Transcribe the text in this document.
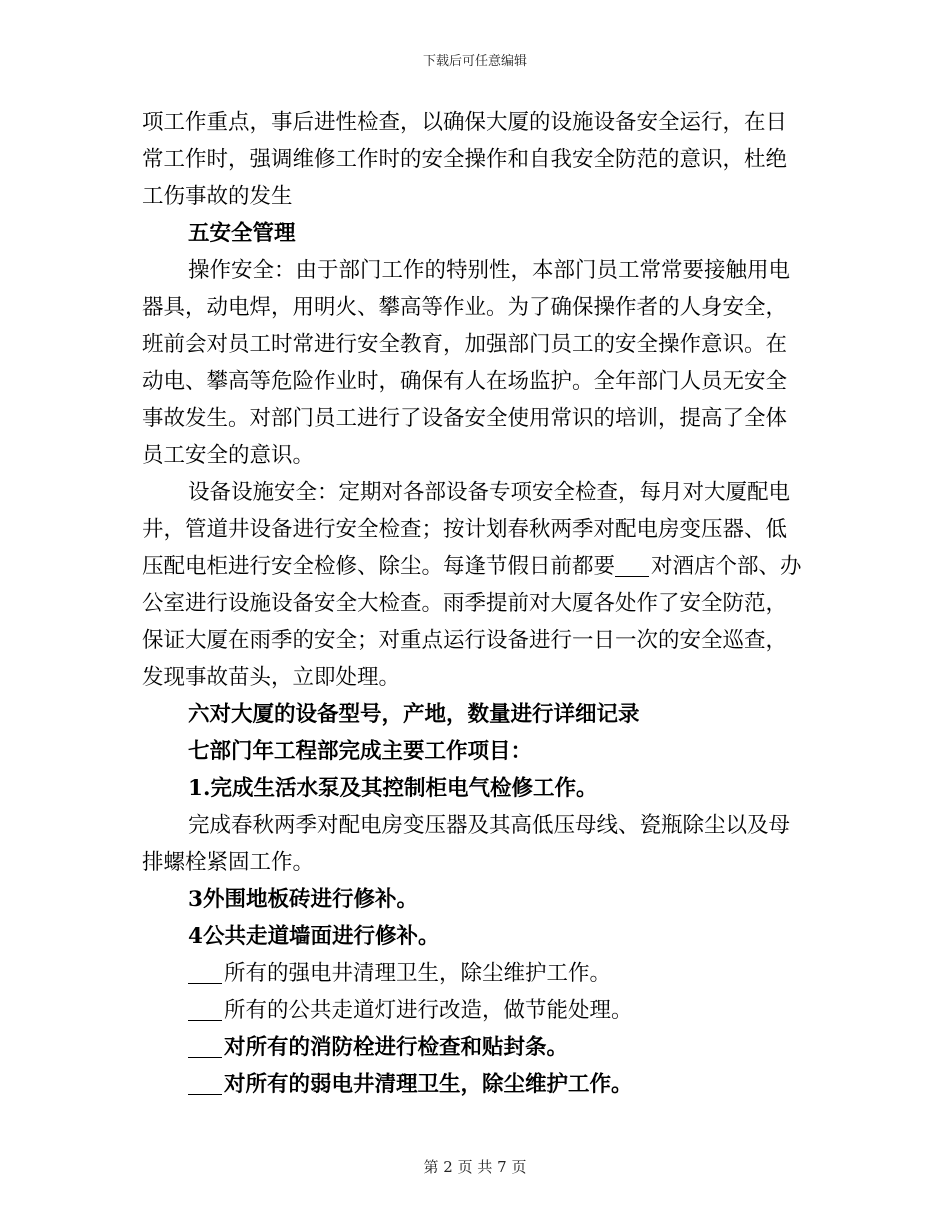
下载后可任意编辑
项工作重点，事后进性检查，以确保大厦的设施设备安全运行，在日
常工作时，强调维修工作时的安全操作和自我安全防范的意识，杜绝
工伤事故的发生
五安全管理
操作安全：由于部门工作的特别性，本部门员工常常要接触用电
器具，动电焊，用明火、攀高等作业。为了确保操作者的人身安全，
班前会对员工时常进行安全教育，加强部门员工的安全操作意识。在
动电、攀高等危险作业时，确保有人在场监护。全年部门人员无安全
事故发生。对部门员工进行了设备安全使用常识的培训，提高了全体
员工安全的意识。
设备设施安全：定期对各部设备专项安全检查，每月对大厦配电
井，管道井设备进行安全检查；按计划春秋两季对配电房变压器、低
压配电柜进行安全检修、除尘。每逢节假日前都要 对酒店个部、办
公室进行设施设备安全大检查。雨季提前对大厦各处作了安全防范，
保证大厦在雨季的安全；对重点运行设备进行一日一次的安全巡查，
发现事故苗头，立即处理。
六对大厦的设备型号，产地，数量进行详细记录
七部门年工程部完成主要工作项目：
1.完成生活水泵及其控制柜电气检修工作。
完成春秋两季对配电房变压器及其高低压母线、瓷瓶除尘以及母
排螺栓紧固工作。
3外围地板砖进行修补。
4公共走道墙面进行修补。
所有的强电井清理卫生，除尘维护工作。
所有的公共走道灯进行改造，做节能处理。
对所有的消防栓进行检查和贴封条。
对所有的弱电井清理卫生，除尘维护工作。
第 2 页 共 7 页
